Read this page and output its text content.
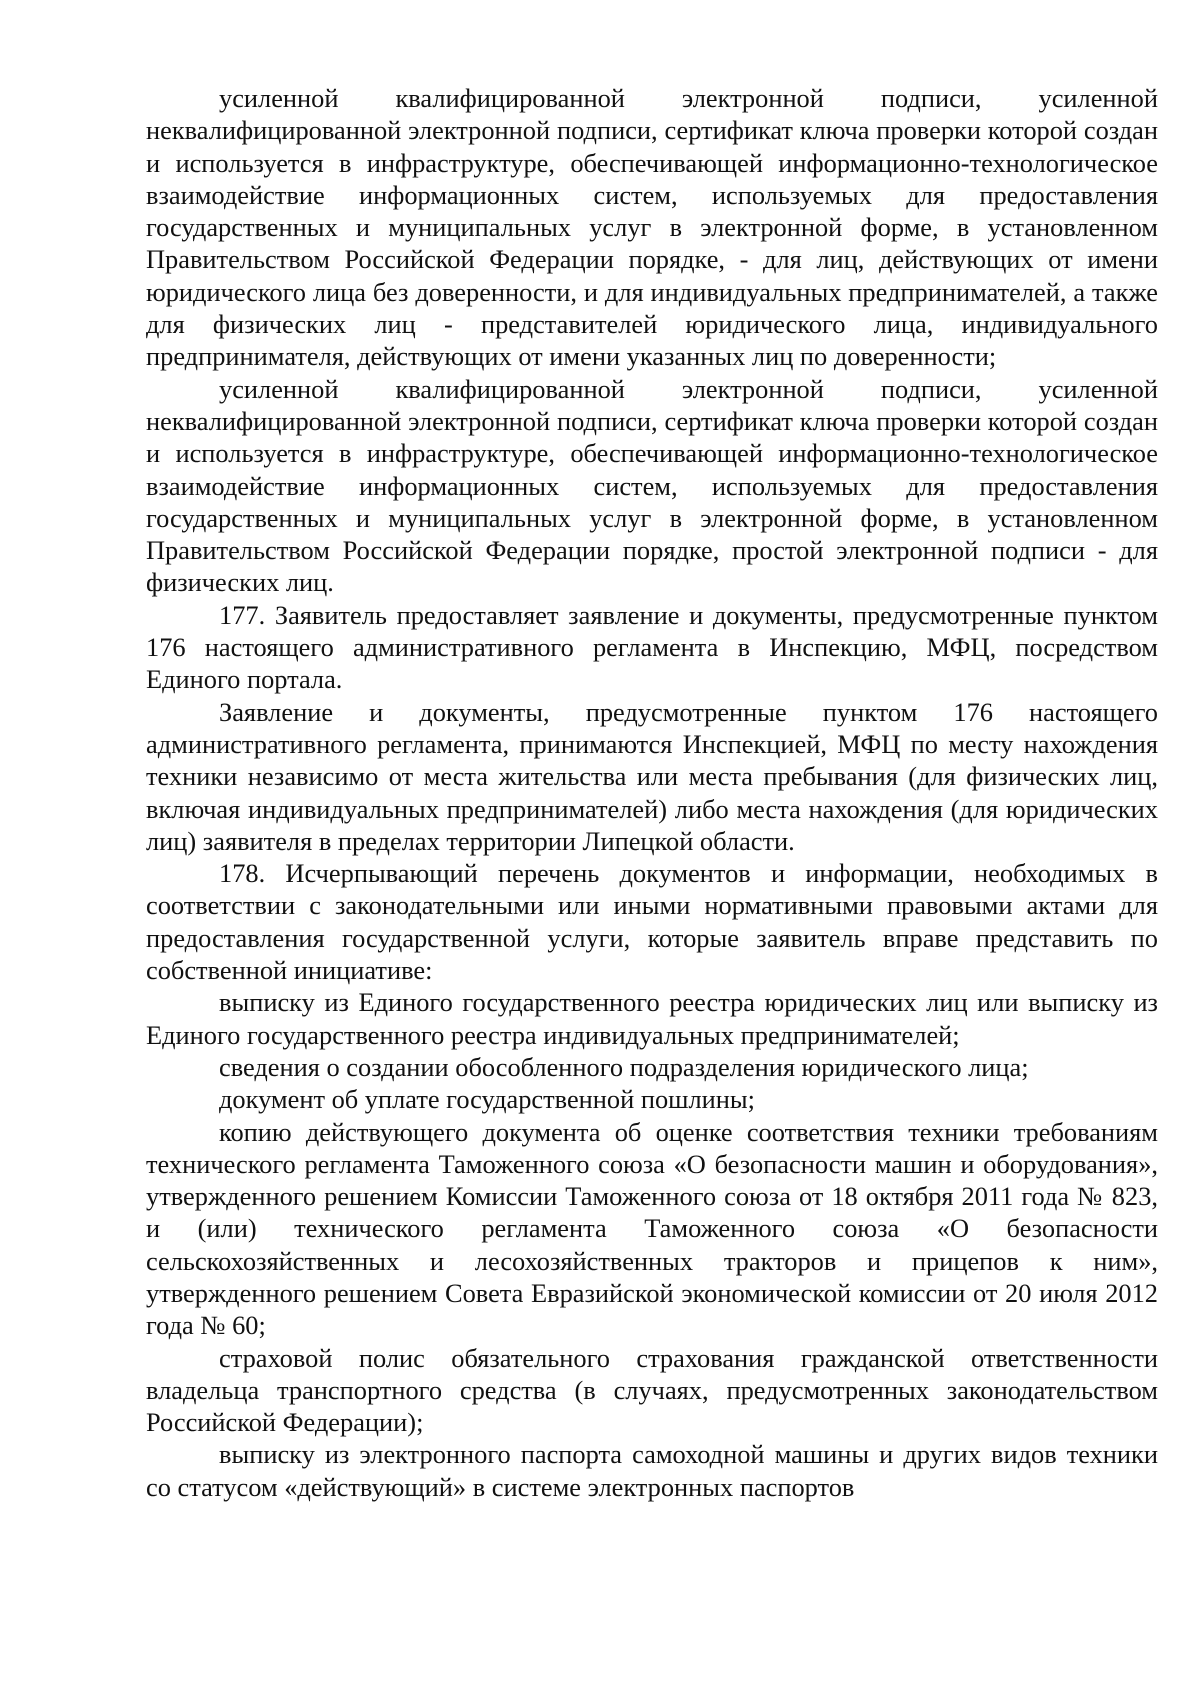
усиленной квалифицированной электронной подписи, усиленной неквалифицированной электронной подписи, сертификат ключа проверки которой создан и используется в инфраструктуре, обеспечивающей информационно-технологическое взаимодействие информационных систем, используемых для предоставления государственных и муниципальных услуг в электронной форме, в установленном Правительством Российской Федерации порядке, - для лиц, действующих от имени юридического лица без доверенности, и для индивидуальных предпринимателей, а также для физических лиц - представителей юридического лица, индивидуального предпринимателя, действующих от имени указанных лиц по доверенности;

усиленной квалифицированной электронной подписи, усиленной неквалифицированной электронной подписи, сертификат ключа проверки которой создан и используется в инфраструктуре, обеспечивающей информационно-технологическое взаимодействие информационных систем, используемых для предоставления государственных и муниципальных услуг в электронной форме, в установленном Правительством Российской Федерации порядке, простой электронной подписи - для физических лиц.

177. Заявитель предоставляет заявление и документы, предусмотренные пунктом 176 настоящего административного регламента в Инспекцию, МФЦ, посредством Единого портала.

Заявление и документы, предусмотренные пунктом 176 настоящего административного регламента, принимаются Инспекцией, МФЦ по месту нахождения техники независимо от места жительства или места пребывания (для физических лиц, включая индивидуальных предпринимателей) либо места нахождения (для юридических лиц) заявителя в пределах территории Липецкой области.

178. Исчерпывающий перечень документов и информации, необходимых в соответствии с законодательными или иными нормативными правовыми актами для предоставления государственной услуги, которые заявитель вправе представить по собственной инициативе:

выписку из Единого государственного реестра юридических лиц или выписку из Единого государственного реестра индивидуальных предпринимателей;

сведения о создании обособленного подразделения юридического лица;

документ об уплате государственной пошлины;

копию действующего документа об оценке соответствия техники требованиям технического регламента Таможенного союза «О безопасности машин и оборудования», утвержденного решением Комиссии Таможенного союза от 18 октября 2011 года № 823, и (или) технического регламента Таможенного союза «О безопасности сельскохозяйственных и лесохозяйственных тракторов и прицепов к ним», утвержденного решением Совета Евразийской экономической комиссии от 20 июля 2012 года № 60;

страховой полис обязательного страхования гражданской ответственности владельца транспортного средства (в случаях, предусмотренных законодательством Российской Федерации);

выписку из электронного паспорта самоходной машины и других видов техники со статусом «действующий» в системе электронных паспортов
